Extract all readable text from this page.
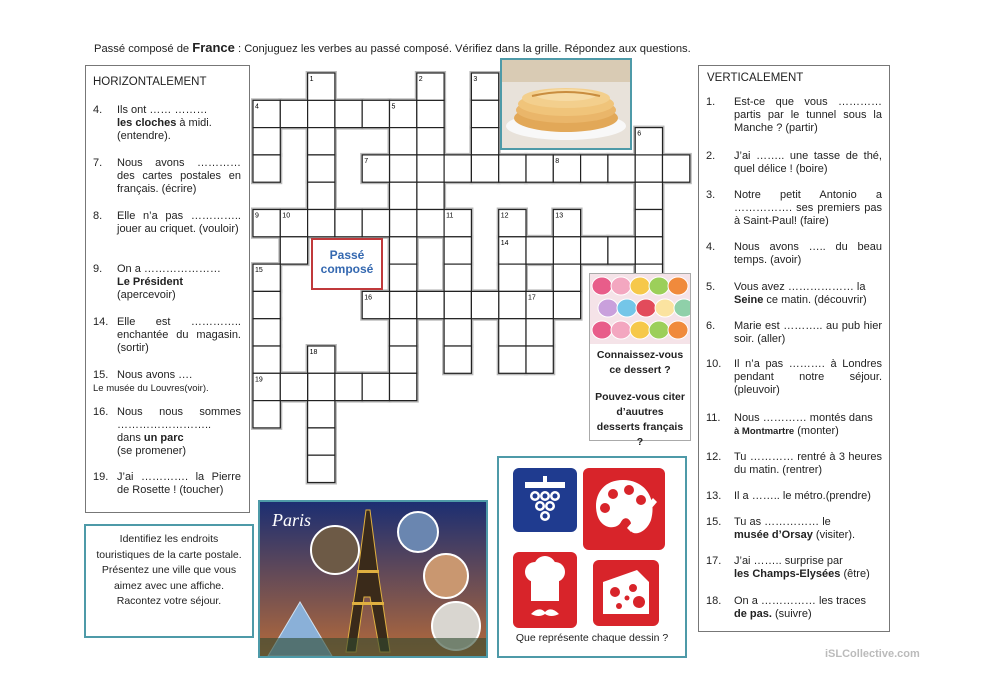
Passé composé de France : Conjuguez les verbes au passé composé. Vérifiez dans la grille. Répondez aux questions.
HORIZONTALEMENT
4.	Ils ont …… ………
les cloches à midi.
(entendre).
7.	Nous avons ………… des cartes postales en français. (écrire)
8.	Elle n’a pas ………….. jouer au criquet. (vouloir)
9.	On a …………………
Le Président
(apercevoir)
14. Elle est ………….. enchantée du magasin. (sortir)
15. Nous avons ….
Le musée du Louvres(voir).
16. Nous nous sommes ……………………..
dans un parc
(se promener)
19. J’ai …………. la Pierre de Rosette ! (toucher)
VERTICALEMENT
1.	Est-ce que vous ………… partis par le tunnel sous la Manche ? (partir)
2.	J’ai …….. une tasse de thé, quel délice ! (boire)
3.	Notre petit Antonio a ……………. ses premiers pas à Saint-Paul! (faire)
4.	Nous avons ….. du beau temps. (avoir)
5.	Vous avez ……………… la
Seine ce matin. (découvrir)
6.	Marie est ……….. au pub hier soir. (aller)
10.	Il n’a pas ………. à Londres pendant notre séjour. (pleuvoir)
11.	Nous ………… montés dans
à Montmartre (monter)
12.	Tu ………… rentré à 3 heures du matin. (rentrer)
13.	Il a …….. le métro.(prendre)
15.	Tu as …………… le
musée d’Orsay (visiter).
17.	J’ai …….. surprise par
les Champs-Elysées (être)
18.	On a …………… les traces
de pas. (suivre)
1	2	3
4	5
6
7	8
9	10	11	12	13
14
15
16	17
18
19
Passé
composé
Connaissez-vous ce dessert ?
Pouvez-vous citer d’auutres desserts français ?
Identifiez les endroits touristiques de la carte postale. Présentez une ville que vous aimez avec une affiche. Racontez votre séjour.
Paris
Que représente chaque dessin ?
iSLCollective.com
